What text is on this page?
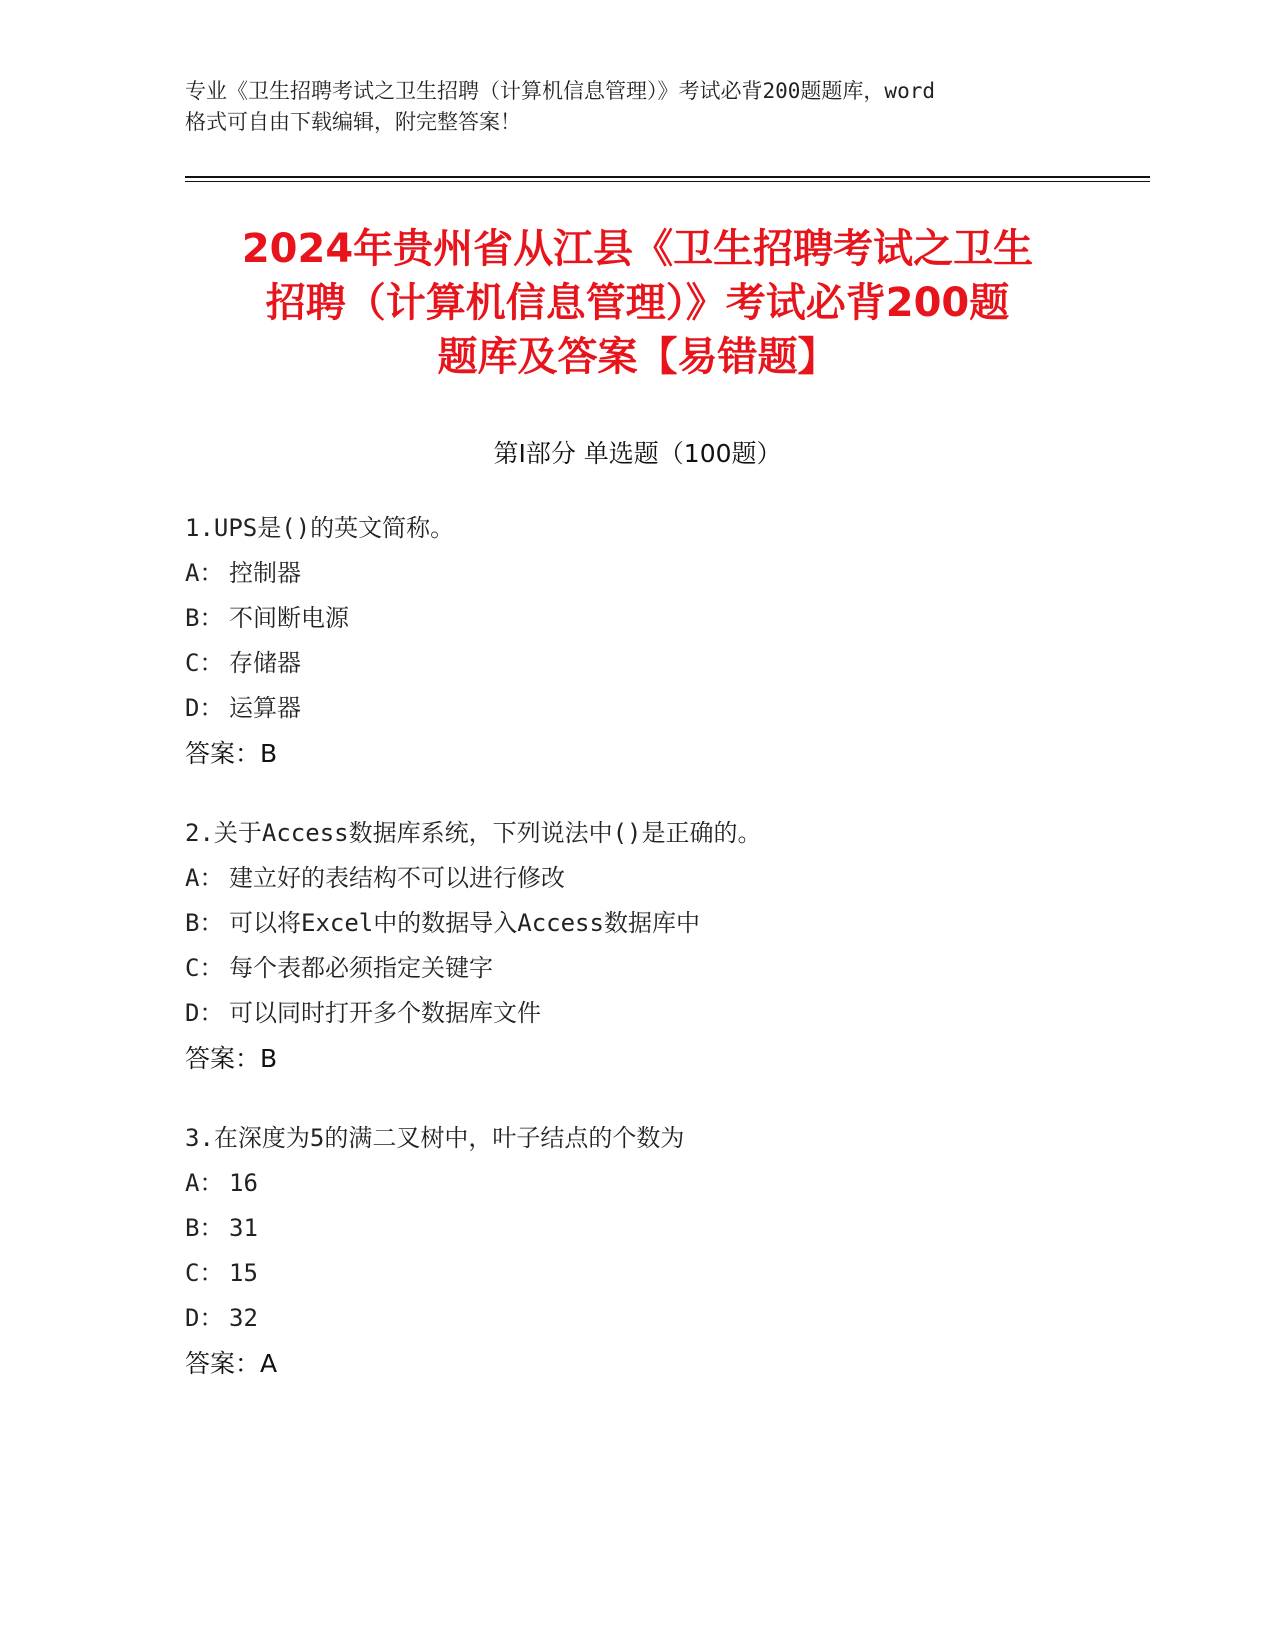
专业《卫生招聘考试之卫生招聘（计算机信息管理）》考试必背200题题库，word
格式可自由下载编辑，附完整答案！
2024年贵州省从江县《卫生招聘考试之卫生
招聘（计算机信息管理）》考试必背200题
题库及答案【易错题】
第Ⅰ部分 单选题（100题）
1.UPS是()的英文简称。
A： 控制器
B： 不间断电源
C： 存储器
D： 运算器
答案：B
2.关于Access数据库系统，下列说法中()是正确的。
A： 建立好的表结构不可以进行修改
B： 可以将Excel中的数据导入Access数据库中
C： 每个表都必须指定关键字
D： 可以同时打开多个数据库文件
答案：B
3.在深度为5的满二叉树中，叶子结点的个数为
A： 16
B： 31
C： 15
D： 32
答案：A
